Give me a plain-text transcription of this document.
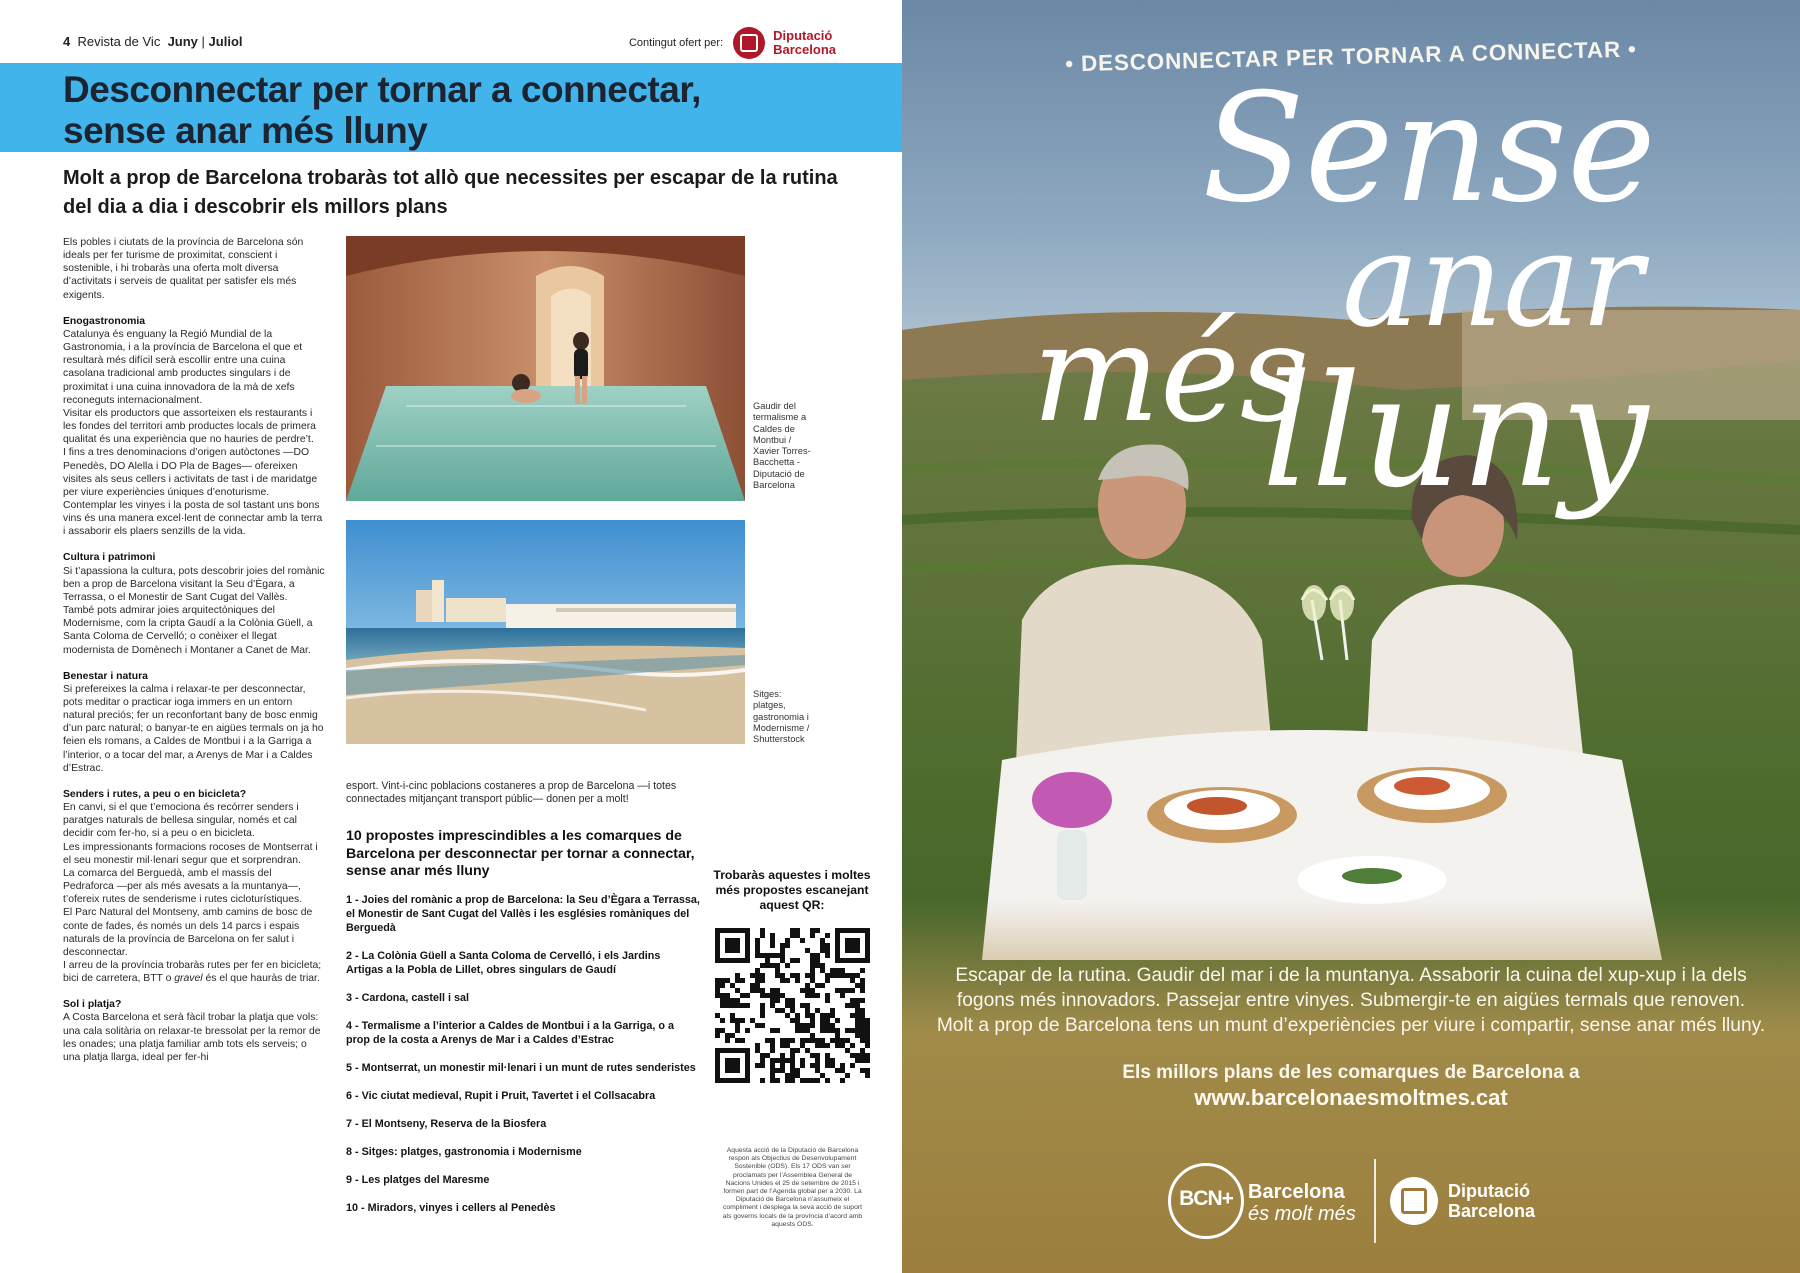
4 Revista de Vic Juny | Juliol	Contingut ofert per:	Diputació
Barcelona
Desconnectar per tornar a connectar,
sense anar més lluny
Molt a prop de Barcelona trobaràs tot allò que necessites per escapar de la rutina del dia a dia i descobrir els millors plans

Els pobles i ciutats de la província de Barcelona són ideals per fer turisme de proximitat, conscient i sostenible, i hi trobaràs una oferta molt diversa d’activitats i serveis de qualitat per satisfer els més exigents.

Enogastronomia
Catalunya és enguany la Regió Mundial de la Gastronomia, i a la província de Barcelona el que et resultarà més difícil serà escollir entre una cuina casolana tradicional amb productes singulars i de proximitat i una cuina innovadora de la mà de xefs reconeguts internacionalment.
Visitar els productors que assorteixen els restaurants i les fondes del territori amb productes locals de primera qualitat és una experiència que no hauries de perdre’t.
I fins a tres denominacions d’origen autòctones —DO Penedès, DO Alella i DO Pla de Bages— ofereixen visites als seus cellers i activitats de tast i de maridatge per viure experiències úniques d’enoturisme. Contemplar les vinyes i la posta de sol tastant uns bons vins és una manera excel·lent de connectar amb la terra i assaborir els plaers senzills de la vida.

Cultura i patrimoni
Si t’apassiona la cultura, pots descobrir joies del romànic ben a prop de Barcelona visitant la Seu d’Ègara, a Terrassa, o el Monestir de Sant Cugat del Vallès.
També pots admirar joies arquitectòniques del Modernisme, com la cripta Gaudí a la Colònia Güell, a Santa Coloma de Cervelló; o conèixer el llegat modernista de Domènech i Montaner a Canet de Mar.

Benestar i natura
Si prefereixes la calma i relaxar-te per desconnectar, pots meditar o practicar ioga immers en un entorn natural preciós; fer un reconfortant bany de bosc enmig d’un parc natural; o banyar-te en aigües termals on ja ho feien els romans, a Caldes de Montbui i a la Garriga a l’interior, o a tocar del mar, a Arenys de Mar i a Caldes d’Estrac.

Senders i rutes, a peu o en bicicleta?
En canvi, si el que t’emociona és recórrer senders i paratges naturals de bellesa singular, només et cal decidir com fer-ho, si a peu o en bicicleta.
Les impressionants formacions rocoses de Montserrat i el seu monestir mil·lenari segur que et sorprendran.
La comarca del Berguedà, amb el massís del Pedraforca —per als més avesats a la muntanya—, t’ofereix rutes de senderisme i rutes cicloturístiques.
El Parc Natural del Montseny, amb camins de bosc de conte de fades, és només un dels 14 parcs i espais naturals de la província de Barcelona on fer salut i desconnectar.
I arreu de la província trobaràs rutes per fer en bicicleta; bici de carretera, BTT o gravel és el que hauràs de triar.

Sol i platja?
A Costa Barcelona et serà fàcil trobar la platja que vols: una cala solitària on relaxar-te bressolat per la remor de les onades; una platja familiar amb tots els serveis; o una platja llarga, ideal per fer-hi

Gaudir del termalisme a Caldes de Montbui / Xavier Torres-Bacchetta - Diputació de Barcelona
Sitges: platges, gastronomia i Modernisme / Shutterstock
esport. Vint-i-cinc poblacions costaneres a prop de Barcelona —i totes connectades mitjançant transport públic— donen per a molt!
10 propostes imprescindibles a les comarques de Barcelona per desconnectar per tornar a connectar, sense anar més lluny
1 - Joies del romànic a prop de Barcelona: la Seu d’Ègara a Terrassa, el Monestir de Sant Cugat del Vallès i les esglésies romàniques del Berguedà
2 - La Colònia Güell a Santa Coloma de Cervelló, i els Jardins Artigas a la Pobla de Lillet, obres singulars de Gaudí
3 - Cardona, castell i sal
4 - Termalisme a l’interior a Caldes de Montbui i a la Garriga, o a prop de la costa a Arenys de Mar i a Caldes d’Estrac
5 - Montserrat, un monestir mil·lenari i un munt de rutes senderistes
6 - Vic ciutat medieval, Rupit i Pruit, Tavertet i el Collsacabra
7 - El Montseny, Reserva de la Biosfera
8 - Sitges: platges, gastronomia i Modernisme
9 - Les platges del Maresme
10 - Miradors, vinyes i cellers al Penedès
Trobaràs aquestes i moltes més propostes escanejant aquest QR:
Aquesta acció de la Diputació de Barcelona respon als Objectius de Desenvolupament Sostenible (ODS). Els 17 ODS van ser proclamats per l’Assemblea General de Nacions Unides el 25 de setembre de 2015 i formen part de l’Agenda global per a 2030. La Diputació de Barcelona n’assumeix el compliment i desplega la seva acció de suport als governs locals de la província d’acord amb aquests ODS.
• DESCONNECTAR PER TORNAR A CONNECTAR •
Sense
anar
més
lluny
Escapar de la rutina. Gaudir del mar i de la muntanya. Assaborir la cuina del xup-xup i la dels
fogons més innovadors. Passejar entre vinyes. Submergir-te en aigües termals que renoven.
Molt a prop de Barcelona tens un munt d’experiències per viure i compartir, sense anar més lluny.
Els millors plans de les comarques de Barcelona a
www.barcelonaesmoltmes.cat
BCN+ Barcelona
és molt més
Diputació
Barcelona
